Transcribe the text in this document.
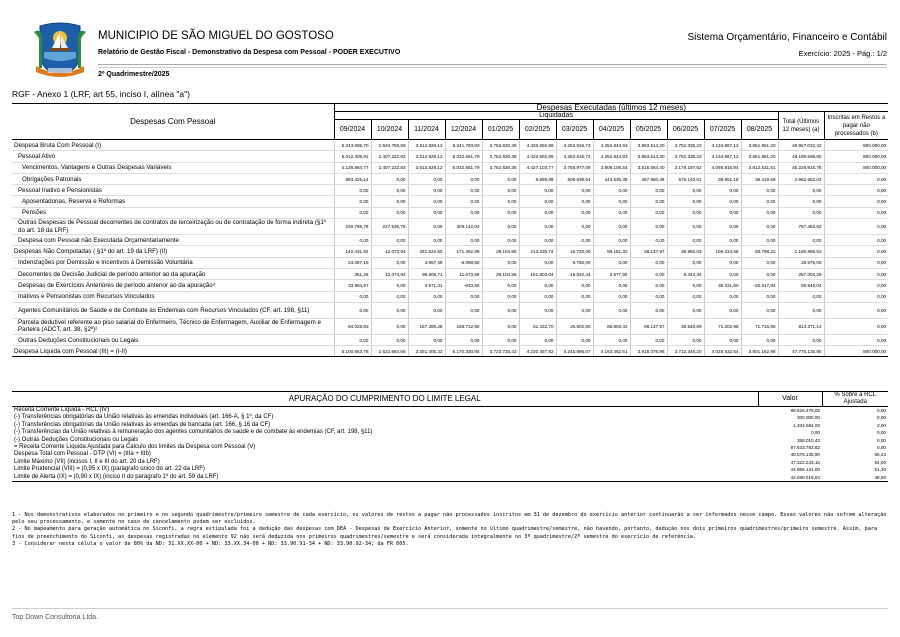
MUNICIPIO DE SÃO MIGUEL DO GOSTOSO	Sistema Orçamentário, Financeiro e Contábil
Relatório de Gestão Fiscal - Demonstrativo da Despesa com Pessoal - PODER EXECUTIVO	Exercício: 2025 - Pág.: 1/2
2º Quadrimestre/2025
RGF - Anexo 1 (LRF, art 55, inciso I, alínea "a")
Despesas Com Pessoal	Despesas Executadas (últimos 12 meses)													
	Liquidadas												Total (Últimos 12 meses) (a)	Inscritas em Restos a pagar não processados (b)
	09/2024	10/2024	11/2024	12/2024	01/2025	02/2025	03/2025	04/2025	05/2025	06/2025	07/2025	08/2025		
Despesa Bruta Com Pessoal (I)	5.243.095,70	2.634.758,59	3.512.828,12	5.341.793,83	3.752.830,38	4.433.692,88	4.262.616,73	4.252.843,93	3.983.514,30	3.752.338,23	4.134.867,12	3.651.951,20	48.957.032,42	800.000,00
Pessoal Ativo	5.012.309,91	2.407.222,83	3.512.828,12	5.032.651,79	3.752.830,38	4.433.692,88	4.262.616,73	4.252.843,93	3.983.514,30	3.752.338,23	4.134.867,12	3.651.951,20	48.189.568,80	800.000,00
Vencimentos, Vantagens e Outras Despesas Variáveis	4.128.884,77	2.407.222,83	3.512.828,12	5.032.651,79	3.752.830,38	4.427.103,77	3.755.977,09	3.809.108,54	3.515.564,40	3.176.197,62	4.095.915,94	3.612.531,51	45.226.916,78	800.000,00
Obrigações Patronais	883.425,14	0,00	0,00	0,00	0,00	6.589,89	506.639,64	443.535,39	467.950,48	576.140,61	38.951,18	39.419,69	2.962.652,02	0,00
Pessoal Inativo e Pensionistas	0,00	0,00	0,00	0,00	0,00	0,00	0,00	0,00	0,00	0,00	0,00	0,00	0,00	0,00
Aposentadorias, Reserva e Reformas	0,00	0,00	0,00	0,00	0,00	0,00	0,00	0,00	0,00	0,00	0,00	0,00	0,00	0,00
Pensões	0,00	0,00	0,00	0,00	0,00	0,00	0,00	0,00	0,00	0,00	0,00	0,00	0,00	0,00
Outras Despesas de Pessoal decorrentes de contratos de terceirização ou de contratação de forma indireta (§1º do art. 18 da LRF)	230.785,79	227.535,79	0,00	309.142,04	0,00	0,00	0,00	0,00	0,00	0,00	0,00	0,00	767.463,62	0,00
Despesa com Pessoal não Executada Orçamentariamente	0,00	0,00	0,00	0,00	0,00	0,00	0,00	0,00	0,00	0,00	0,00	0,00	0,00	0,00
Despesas Não Computadas ( §1º do art. 19 da LRF) (II)	142.431,92	12.073,94	261.522,80	171.462,99	29.104,95	213.235,74	16.720,06	89.181,32	68.137,97	39.992,03	106.234,58	50.798,22	1.180.896,52	0,00
Indenizações por Demissão e Incentivos à Demissão Voluntária	24.057,16	0,00	3.867,49	-6.099,60	0,00	0,00	6.750,00	0,00	0,00	0,00	0,00	0,00	28.675,05	0,00
Decorrentes de Decisão Judicial de período anterior ao da apuração	351,26	12.073,94	99.608,71	11.673,59	29.104,95	151.803,04	-16.632,44	2.577,90	0,00	9.443,34	0,00	0,00	287.004,29	0,00
Despesas de Exercícios Anteriores de período anterior ao da apuração³	33.994,67	0,00	3.571,31	-833,90	0,00	0,00	0,00	0,00	0,00	0,00	35.031,60	-20.917,84	50.846,04	0,00
Inativos e Pensionistas com Recursos Vinculados	0,00	0,00	0,00	0,00	0,00	0,00	0,00	0,00	0,00	0,00	0,00	0,00	0,00	0,00
Agentes Comunitários de Saúde e de Combate às Endemias com Recursos Vinculados (CF, art. 198, §11)	0,00	0,00	0,00	0,00	0,00	0,00	0,00	0,00	0,00	0,00	0,00	0,00	0,00	0,00
Parcela dedutível referente ao piso salarial do Enfermeiro, Técnico de Enfermagem, Auxiliar de Enfermagem e Parteira (ADCT, art. 38, §2º)²	84.028,83	0,00	157.365,29	166.712,90	0,00	61.432,70	26.602,50	86.603,42	68.137,97	30.548,69	71.202,98	71.715,86	814.371,14	0,00
Outras Deduções Constitucionais ou Legais	0,00	0,00	0,00	0,00	0,00	0,00	0,00	0,00	0,00	0,00	0,00	0,00	0,00	0,00
Despesa Líquida com Pessoal (III) = (I-II)	5.100.663,78	2.622.684,65	3.251.405,32	5.170.330,84	3.723.725,43	4.220.457,82	4.245.896,67	4.163.462,61	3.915.376,96	3.712.346,20	4.028.632,54	3.601.152,98	47.776.135,90	800.000,00
APURAÇÃO DO CUMPRIMENTO DO LIMITE LEGAL	Valor	% Sobre a RCL Ajustada
Receita Corrente Líquida - RCL (IV)	89.626.479,05	0,00
(-) Transferências obrigatórias da União relativas às emendas individuais (art. 166-A, § 1º, da CF)	300.000,00	0,00
(-) Transferências obrigatórias da União relativas às emendas de bancada (art. 166, § 16 da CF)	1.334.684,00	0,00
(-) Transferências da União relativas à remuneração dos agentes comunitários de saúde e de combate às endemias (CF, art. 198, §11)	0,00	0,00
(-) Outras Deduções Constitucionais ou Legais	358.010,43	0,00
= Receita Corrente Líquida Ajustada para Cálculo dos limites da Despesa com Pessoal (V)	87.633.783,82	0,00
Despesa Total com Pessoal - DTP (VI) = (IIIa + IIIb)	48.576.135,90	55,43
Limite Máximo (VII) (incisos I, II e III do art. 20 da LRF)	47.322.243,15	54,00
Limite Prudencial (VIII) = (0,95 x IX) (parágrafo único do art. 22 da LRF)	44.956.131,00	51,30
Limite de Alerta (IX) = (0,90 x IX) (inciso II do parágrafo 1º do art. 59 da LRF)	42.590.018,84	48,60
1 - Nos demonstrativos elaborados no primeiro e no segundo quadrimestre/primeiro semestre de cada exercício, os valores de restos a pagar não processados inscritos em 31 de dezembro do exercício anterior continuarão a ser informados nesse campo. Esses valores não sofrem alteração pelo seu processamento, e somente no caso de cancelamento podem ser excluídos.
2 - No mapeamento para geração automática no Siconfi, a regra estipulada foi a dedução das despesas com DEA - Despesas de Exercício Anterior, somente no último quadrimestre/semestre, não havendo, portanto, dedução nos dois primeiros quadrimestres/primeiro semestre. Assim, para fins de preenchimento do Siconfi, as despesas registradas no elemento 92 não será deduzida nos primeiros quadrimestres/semestre e será considerada integralmente no 3º quadrimestre/2º semestre do exercício de referência.
3 - Considerar nesta célula o valor de 80% da ND: 31.XX.XX-00 + ND: 33.XX.34-00 + ND: 33.90.91-34 + ND: 33.90.92-34; da FR 605.
Top Down Consultoria Ltda.
